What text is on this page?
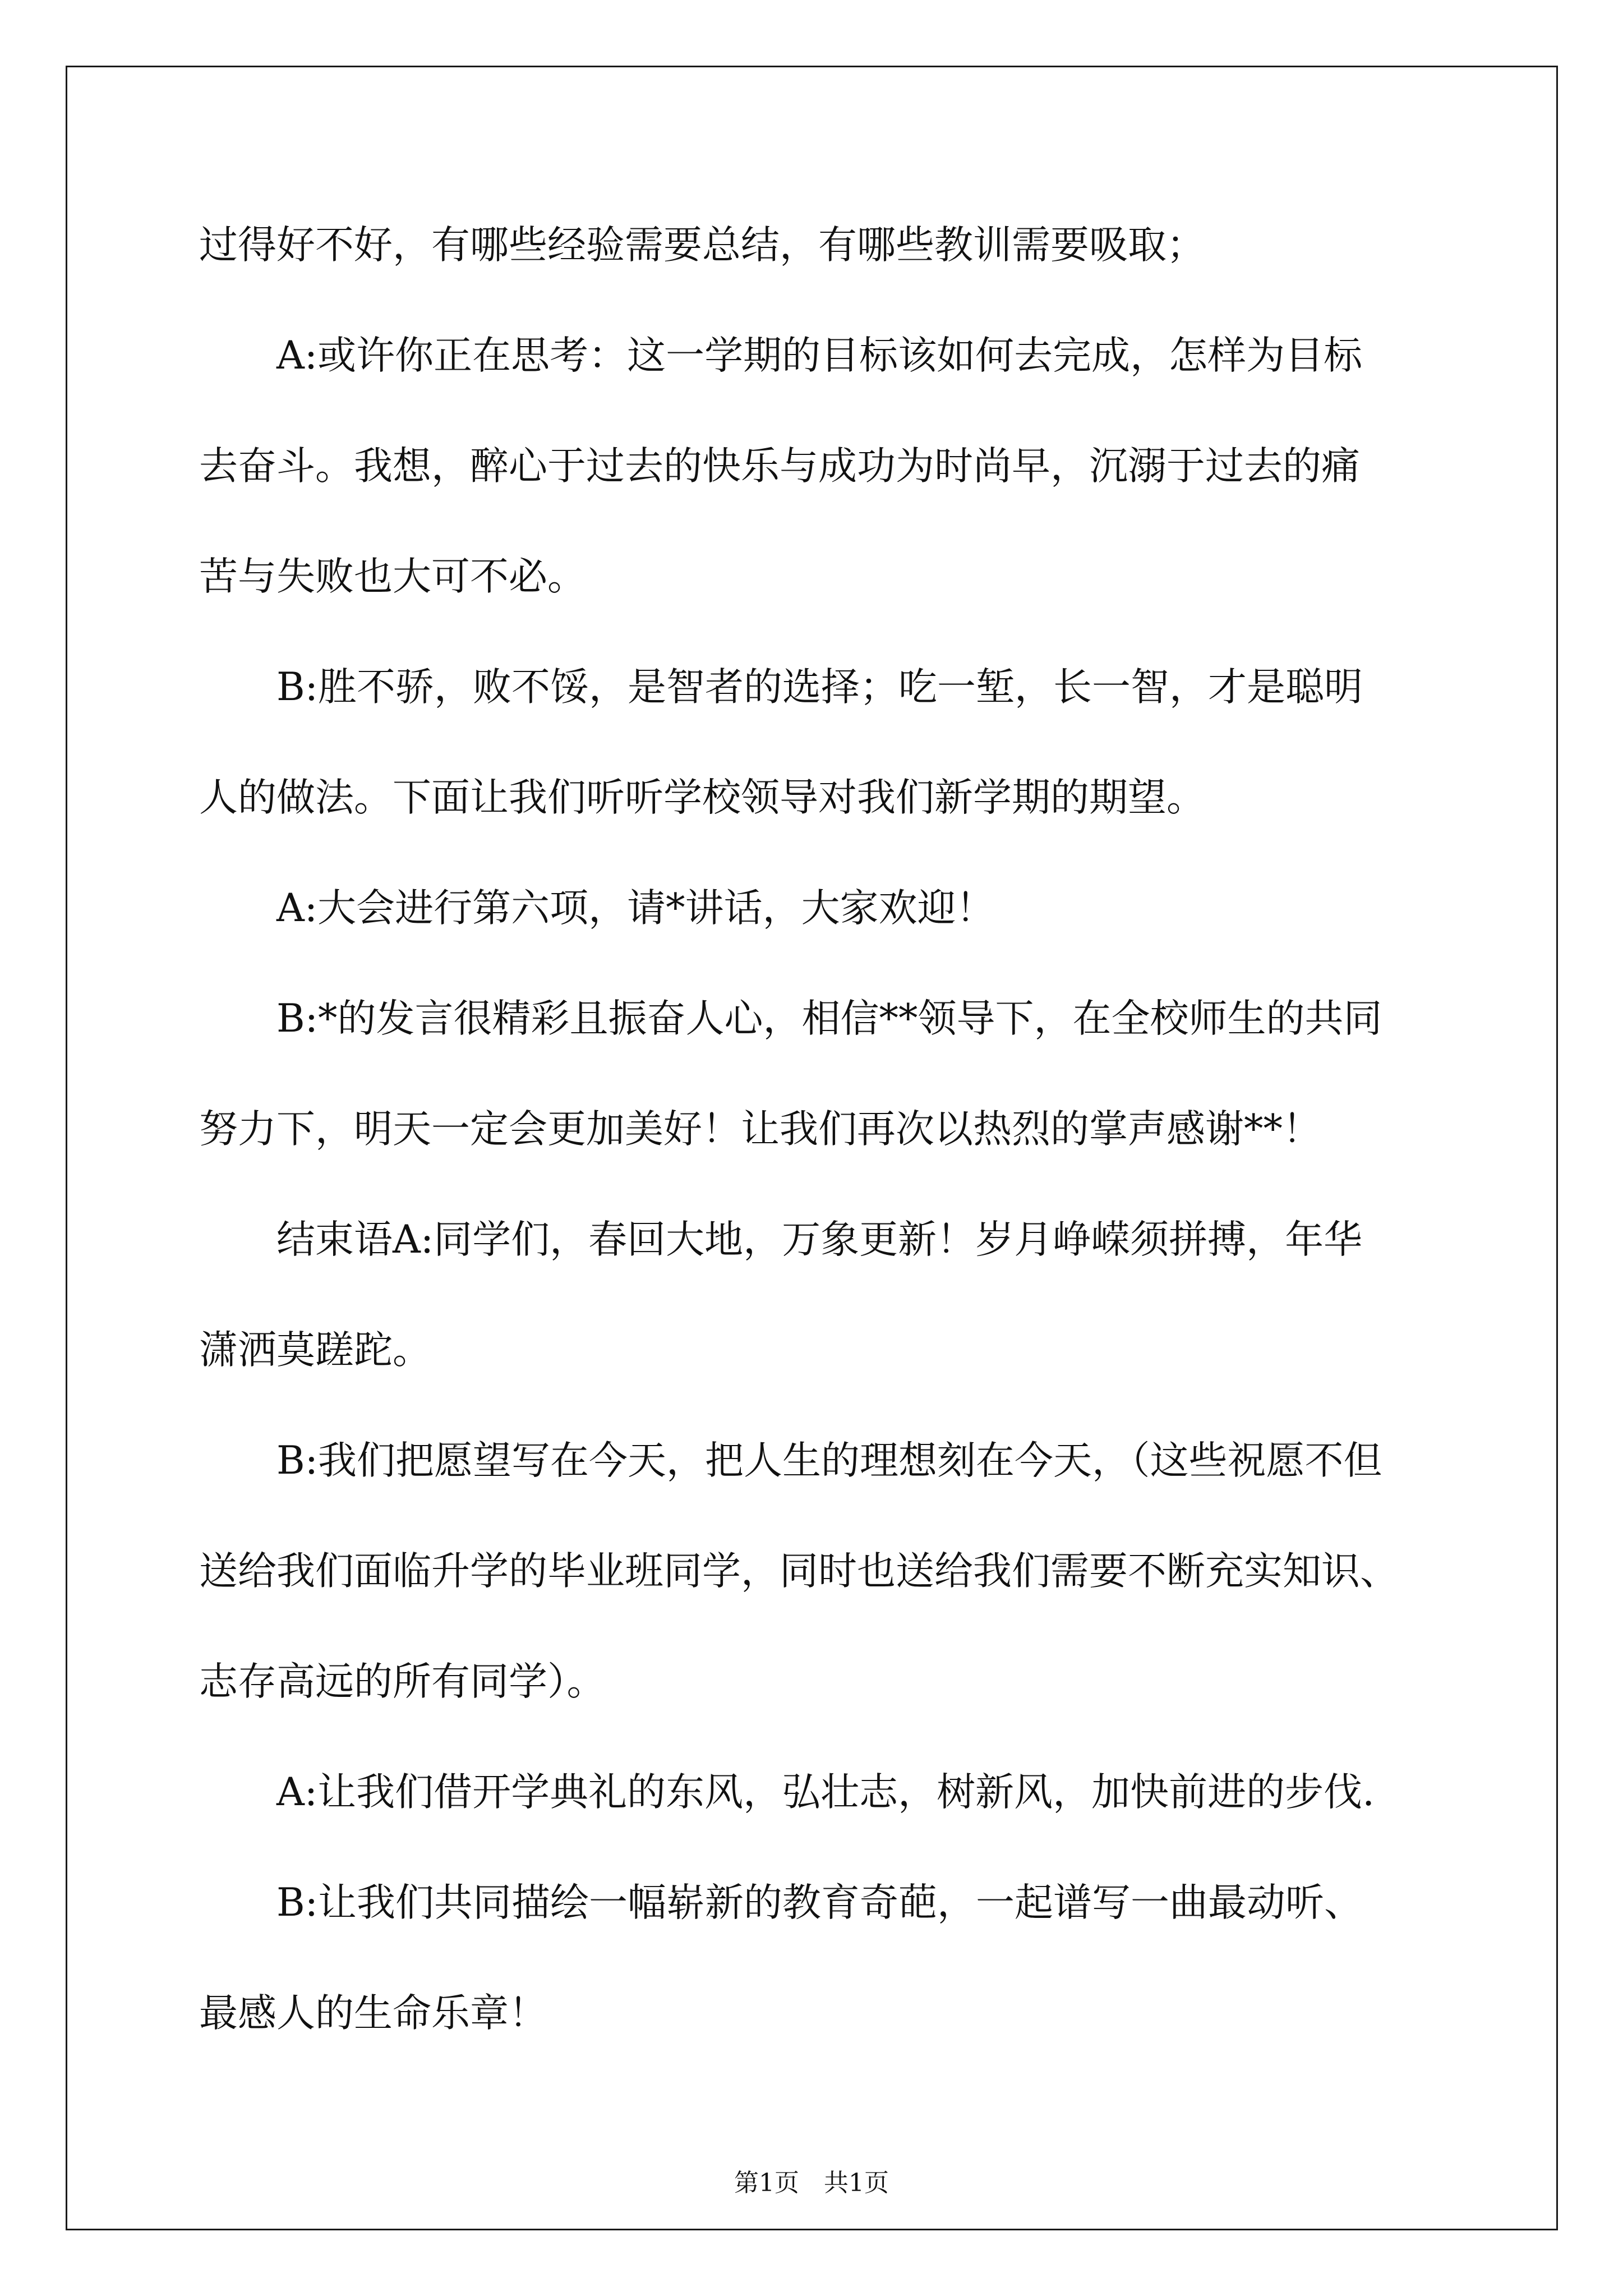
过得好不好，有哪些经验需要总结，有哪些教训需要吸取；
A:或许你正在思考：这一学期的目标该如何去完成，怎样为目标
去奋斗。我想，醉心于过去的快乐与成功为时尚早，沉溺于过去的痛
苦与失败也大可不必。
B:胜不骄，败不馁，是智者的选择；吃一堑，长一智，才是聪明
人的做法。下面让我们听听学校领导对我们新学期的期望。
A:大会进行第六项，请*讲话，大家欢迎！
B:*的发言很精彩且振奋人心，相信**领导下，在全校师生的共同
努力下，明天一定会更加美好！让我们再次以热烈的掌声感谢**！
结束语A:同学们，春回大地，万象更新！岁月峥嵘须拼搏，年华
潇洒莫蹉跎。
B:我们把愿望写在今天，把人生的理想刻在今天，（这些祝愿不但
送给我们面临升学的毕业班同学，同时也送给我们需要不断充实知识、
志存高远的所有同学）。
A:让我们借开学典礼的东风，弘壮志，树新风，加快前进的步伐.
B:让我们共同描绘一幅崭新的教育奇葩，一起谱写一曲最动听、
最感人的生命乐章！
第1页 共1页
